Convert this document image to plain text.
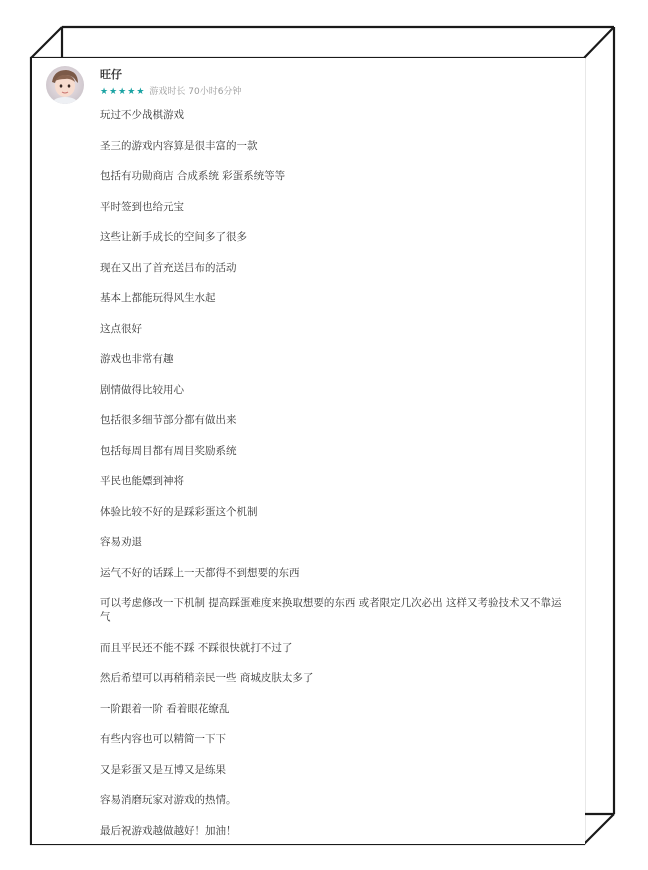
旺仔
★ ★ ★ ★ ★ 游戏时长 70小时6分钟
玩过不少战棋游戏
圣三的游戏内容算是很丰富的一款
包括有功勋商店 合成系统 彩蛋系统等等
平时签到也给元宝
这些让新手成长的空间多了很多
现在又出了首充送吕布的活动
基本上都能玩得风生水起
这点很好
游戏也非常有趣
剧情做得比较用心
包括很多细节部分都有做出来
包括每周目都有周目奖励系统
平民也能嫖到神将
体验比较不好的是踩彩蛋这个机制
容易劝退
运气不好的话踩上一天都得不到想要的东西
可以考虑修改一下机制 提高踩蛋难度来换取想要的东西 或者限定几次必出 这样又考验技术又不靠运气
而且平民还不能不踩 不踩很快就打不过了
然后希望可以再稍稍亲民一些 商城皮肤太多了
一阶跟着一阶 看着眼花缭乱
有些内容也可以精简一下下
又是彩蛋又是互博又是练果
容易消磨玩家对游戏的热情。
最后祝游戏越做越好！加油！
